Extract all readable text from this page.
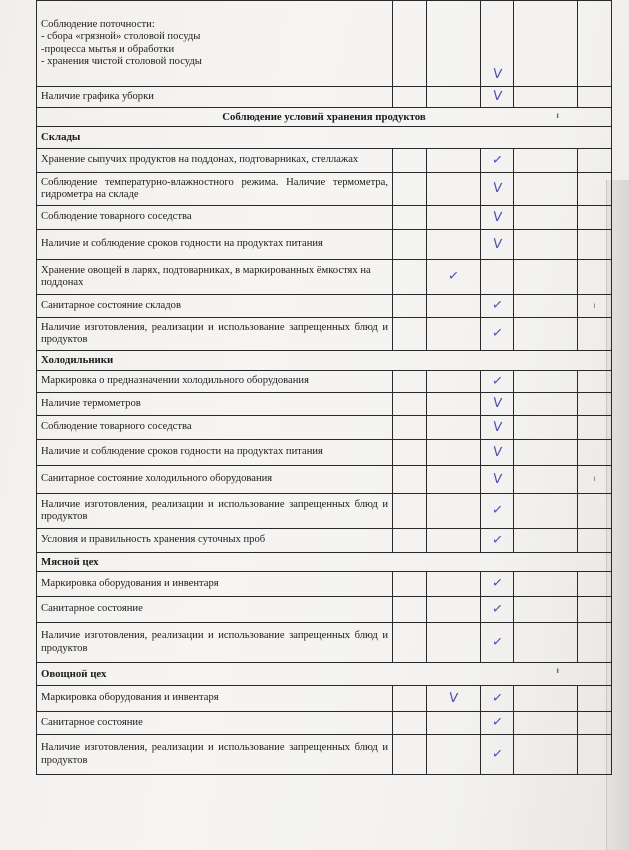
Соблюдение поточности:
- сбора «грязной» столовой посуды
-процесса мытья и обработки
- хранения чистой столовой посуды			V		
Наличие графика уборки			V		
Соблюдение условий хранения продуктов ı					

Склады					
Хранение сыпучих продуктов на поддонах, подтоварниках, стеллажах			✓		
Соблюдение температурно-влажностного режима. Наличие термометра, гидрометра на складе			V		
Соблюдение товарного соседства			V		
Наличие и соблюдение сроков годности на продуктах питания			V		
Хранение овощей в ларях, подтоварниках, в маркированных ёмкостях на поддонах		✓			
Санитарное состояние складов			✓		ı
Наличие изготовления, реализации и использование запрещенных блюд и продуктов			✓		
Холодильники					
Маркировка о предназначении холодильного оборудования			✓		
Наличие термометров			V		
Соблюдение товарного соседства			V		
Наличие и соблюдение сроков годности на продуктах питания			V		
Санитарное состояние холодильного оборудования			V		ı
Наличие изготовления, реализации и использование запрещенных блюд и продуктов			✓		
Условия и правильность хранения суточных проб			✓		
Мясной цех					
Маркировка оборудования и инвентаря			✓		
Санитарное состояние			✓		
Наличие изготовления, реализации и использование запрещенных блюд и продуктов			✓		
Овощной цех ı					

Маркировка оборудования и инвентаря		V	✓		
Санитарное состояние			✓		
Наличие изготовления, реализации и использование запрещенных блюд и продуктов			✓		
